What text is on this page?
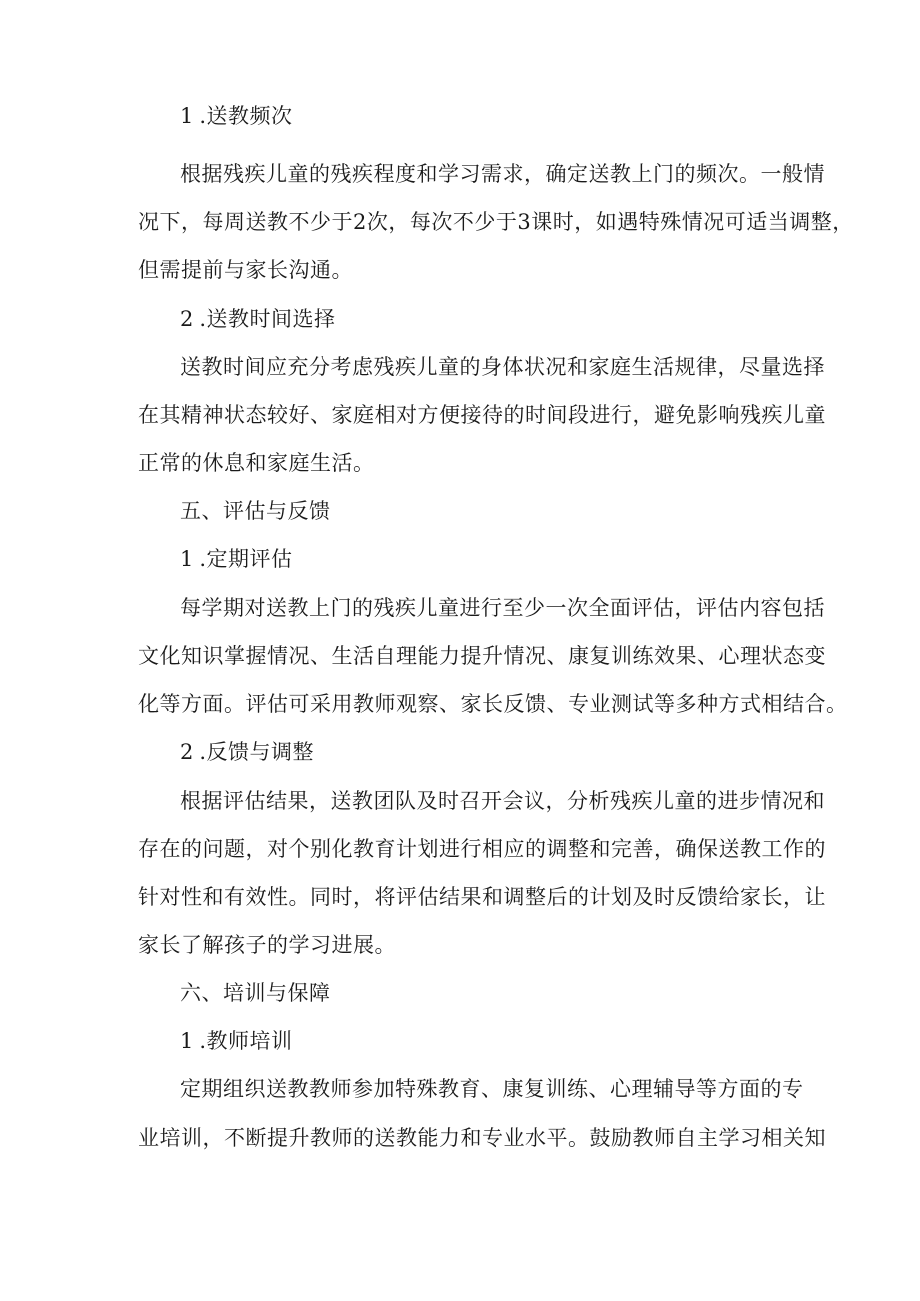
1.送教频次
根据残疾儿童的残疾程度和学习需求，确定送教上门的频次。一般情
况下，每周送教不少于2次，每次不少于3课时，如遇特殊情况可适当调整，
但需提前与家长沟通。
2.送教时间选择
送教时间应充分考虑残疾儿童的身体状况和家庭生活规律，尽量选择
在其精神状态较好、家庭相对方便接待的时间段进行，避免影响残疾儿童
正常的休息和家庭生活。
五、评估与反馈
1.定期评估
每学期对送教上门的残疾儿童进行至少一次全面评估，评估内容包括
文化知识掌握情况、生活自理能力提升情况、康复训练效果、心理状态变
化等方面。评估可采用教师观察、家长反馈、专业测试等多种方式相结合。
2.反馈与调整
根据评估结果，送教团队及时召开会议，分析残疾儿童的进步情况和
存在的问题，对个别化教育计划进行相应的调整和完善，确保送教工作的
针对性和有效性。同时，将评估结果和调整后的计划及时反馈给家长，让
家长了解孩子的学习进展。
六、培训与保障
1.教师培训
定期组织送教教师参加特殊教育、康复训练、心理辅导等方面的专
业培训，不断提升教师的送教能力和专业水平。鼓励教师自主学习相关知
